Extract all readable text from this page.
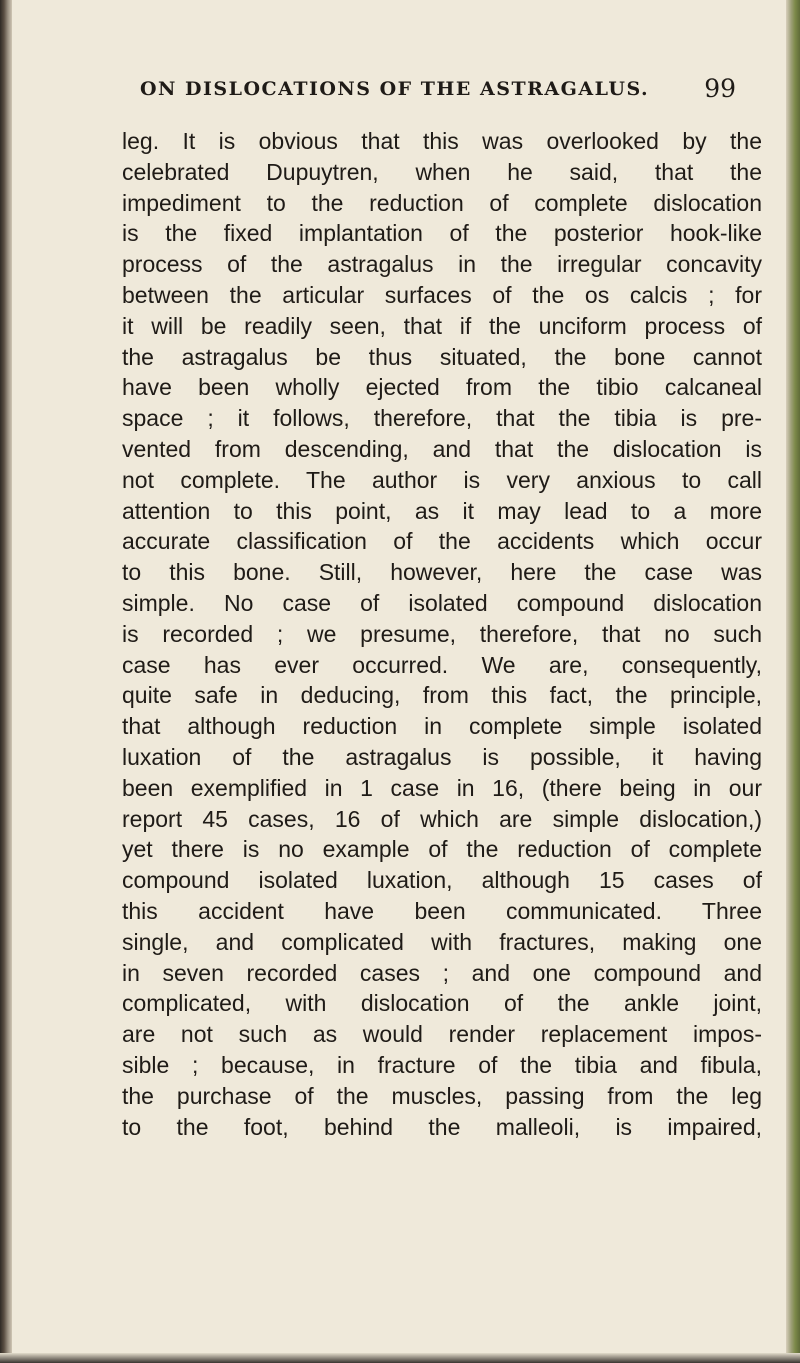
ON DISLOCATIONS OF THE ASTRAGALUS. 99
leg. It is obvious that this was overlooked by the
celebrated Dupuytren, when he said, that the
impediment to the reduction of complete dislocation
is the fixed implantation of the posterior hook-like
process of the astragalus in the irregular concavity
between the articular surfaces of the os calcis ; for
it will be readily seen, that if the unciform process of
the astragalus be thus situated, the bone cannot
have been wholly ejected from the tibio calcaneal
space ; it follows, therefore, that the tibia is pre-
vented from descending, and that the dislocation is
not complete. The author is very anxious to call
attention to this point, as it may lead to a more
accurate classification of the accidents which occur
to this bone. Still, however, here the case was
simple. No case of isolated compound dislocation
is recorded ; we presume, therefore, that no such
case has ever occurred. We are, consequently,
quite safe in deducing, from this fact, the principle,
that although reduction in complete simple isolated
luxation of the astragalus is possible, it having
been exemplified in 1 case in 16, (there being in our
report 45 cases, 16 of which are simple dislocation,)
yet there is no example of the reduction of complete
compound isolated luxation, although 15 cases of
this accident have been communicated. Three
single, and complicated with fractures, making one
in seven recorded cases ; and one compound and
complicated, with dislocation of the ankle joint,
are not such as would render replacement impos-
sible ; because, in fracture of the tibia and fibula,
the purchase of the muscles, passing from the leg
to the foot, behind the malleoli, is impaired,
